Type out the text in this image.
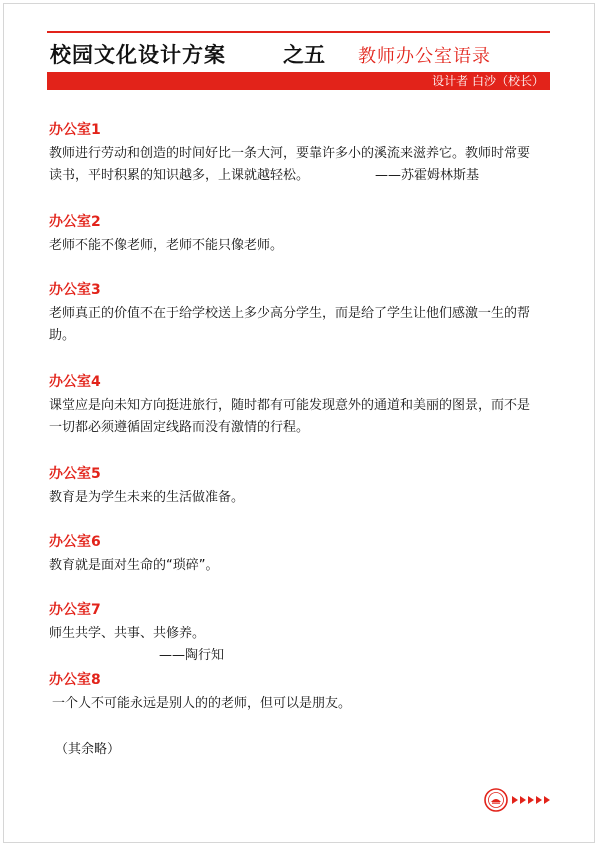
校园文化设计方案	之五 教师办公室语录
设计者 白沙（校长）
办公室1

教师进行劳动和创造的时间好比一条大河，要靠许多小的溪流来滋养它。教师时常要

读书，平时积累的知识越多，上课就越轻松。	——苏霍姆林斯基

办公室2

老师不能不像老师，老师不能只像老师。

办公室3

老师真正的价值不在于给学校送上多少高分学生，而是给了学生让他们感激一生的帮

助。

办公室4

课堂应是向未知方向挺进旅行，随时都有可能发现意外的通道和美丽的图景，而不是

一切都必须遵循固定线路而没有激情的行程。

办公室5

教育是为学生未来的生活做准备。

办公室6

教育就是面对生命的“琐碎”。

办公室7

师生共学、共事、共修养。

——陶行知

办公室8

一个人不可能永远是别人的的老师，但可以是朋友。

（其余略）
